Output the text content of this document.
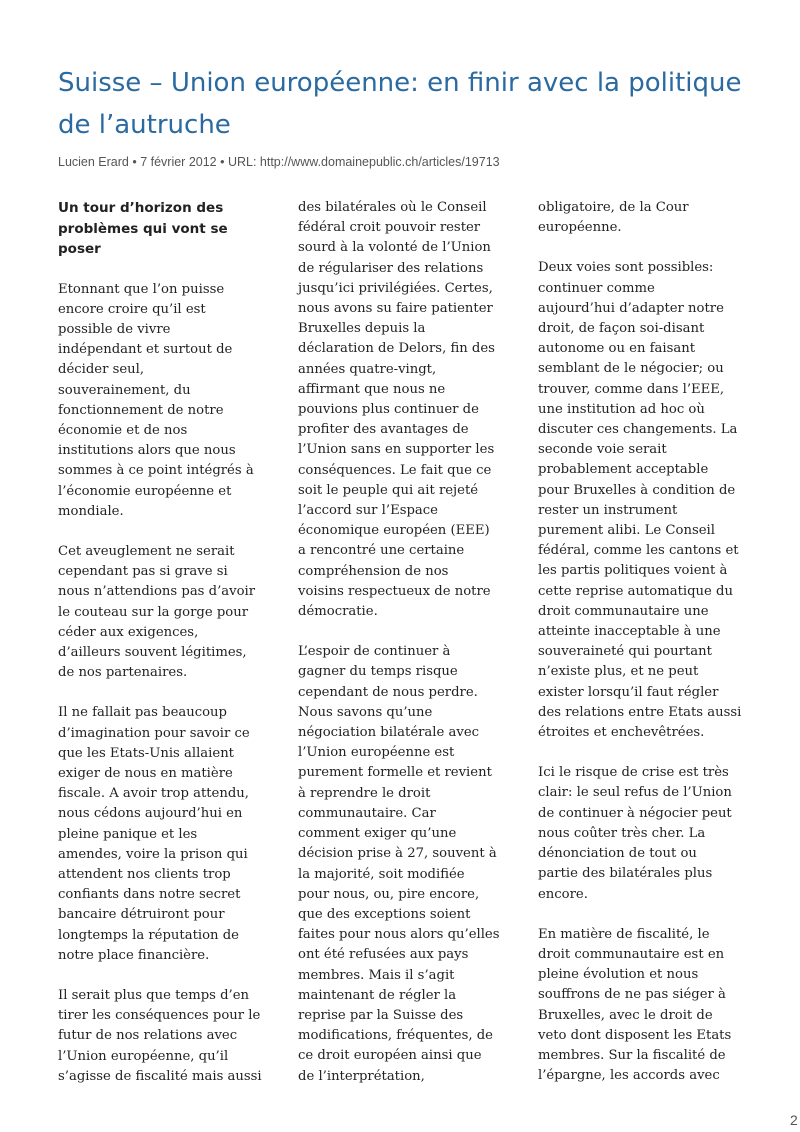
Suisse – Union européenne: en finir avec la politique
de l’autruche
Lucien Erard • 7 février 2012 • URL: http://www.domainepublic.ch/articles/19713
Un tour d’horizon des
problèmes qui vont se
poser
Etonnant que l’on puisse
encore croire qu’il est
possible de vivre
indépendant et surtout de
décider seul,
souverainement, du
fonctionnement de notre
économie et de nos
institutions alors que nous
sommes à ce point intégrés à
l’économie européenne et
mondiale.
Cet aveuglement ne serait
cependant pas si grave si
nous n’attendions pas d’avoir
le couteau sur la gorge pour
céder aux exigences,
d’ailleurs souvent légitimes,
de nos partenaires.
Il ne fallait pas beaucoup
d’imagination pour savoir ce
que les Etats-Unis allaient
exiger de nous en matière
fiscale. A avoir trop attendu,
nous cédons aujourd’hui en
pleine panique et les
amendes, voire la prison qui
attendent nos clients trop
confiants dans notre secret
bancaire détruiront pour
longtemps la réputation de
notre place financière.
Il serait plus que temps d’en
tirer les conséquences pour le
futur de nos relations avec
l’Union européenne, qu’il
s’agisse de fiscalité mais aussi
des bilatérales où le Conseil
fédéral croit pouvoir rester
sourd à la volonté de l’Union
de régulariser des relations
jusqu’ici privilégiées. Certes,
nous avons su faire patienter
Bruxelles depuis la
déclaration de Delors, fin des
années quatre-vingt,
affirmant que nous ne
pouvions plus continuer de
profiter des avantages de
l’Union sans en supporter les
conséquences. Le fait que ce
soit le peuple qui ait rejeté
l’accord sur l’Espace
économique européen (EEE)
a rencontré une certaine
compréhension de nos
voisins respectueux de notre
démocratie.
L’espoir de continuer à
gagner du temps risque
cependant de nous perdre.
Nous savons qu’une
négociation bilatérale avec
l’Union européenne est
purement formelle et revient
à reprendre le droit
communautaire. Car
comment exiger qu’une
décision prise à 27, souvent à
la majorité, soit modifiée
pour nous, ou, pire encore,
que des exceptions soient
faites pour nous alors qu’elles
ont été refusées aux pays
membres. Mais il s’agit
maintenant de régler la
reprise par la Suisse des
modifications, fréquentes, de
ce droit européen ainsi que
de l’interprétation,
obligatoire, de la Cour
européenne.
Deux voies sont possibles:
continuer comme
aujourd’hui d’adapter notre
droit, de façon soi-disant
autonome ou en faisant
semblant de le négocier; ou
trouver, comme dans l’EEE,
une institution ad hoc où
discuter ces changements. La
seconde voie serait
probablement acceptable
pour Bruxelles à condition de
rester un instrument
purement alibi. Le Conseil
fédéral, comme les cantons et
les partis politiques voient à
cette reprise automatique du
droit communautaire une
atteinte inacceptable à une
souveraineté qui pourtant
n’existe plus, et ne peut
exister lorsqu’il faut régler
des relations entre Etats aussi
étroites et enchevêtrées.
Ici le risque de crise est très
clair: le seul refus de l’Union
de continuer à négocier peut
nous coûter très cher. La
dénonciation de tout ou
partie des bilatérales plus
encore.
En matière de fiscalité, le
droit communautaire est en
pleine évolution et nous
souffrons de ne pas siéger à
Bruxelles, avec le droit de
veto dont disposent les Etats
membres. Sur la fiscalité de
l’épargne, les accords avec
2
